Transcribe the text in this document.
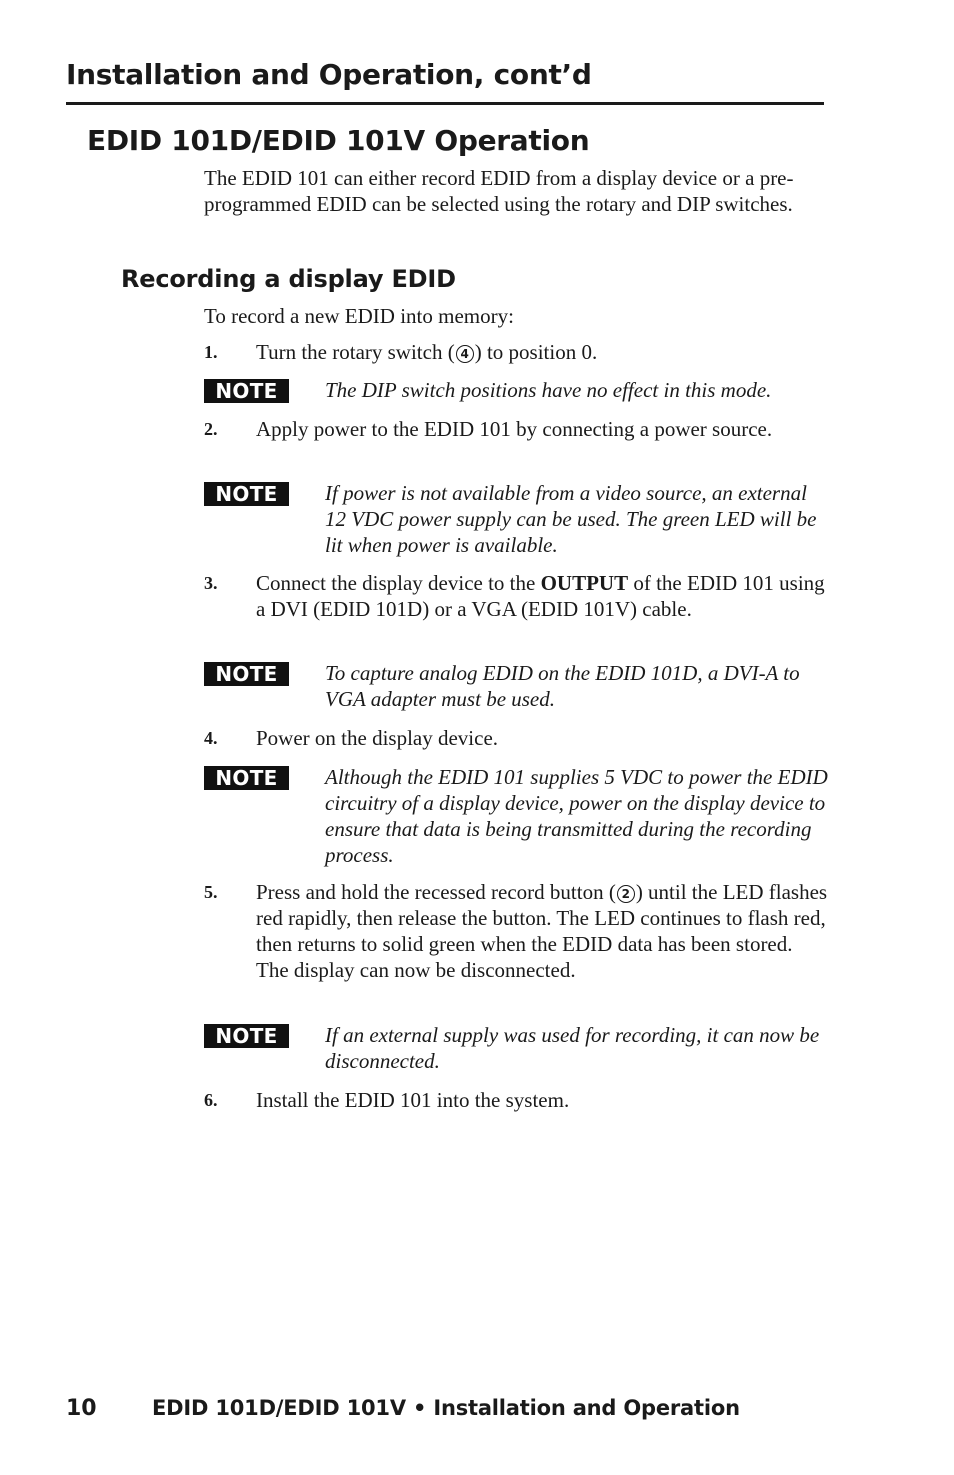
Installation and Operation, cont’d
EDID 101D/EDID 101V Operation

The EDID 101 can either record EDID from a display device or a pre-programmed EDID can be selected using the rotary and DIP switches.

Recording a display EDID
To record a new EDID into memory:
1. Turn the rotary switch ( 4 ) to position 0.
NOTE	The DIP switch positions have no effect in this mode.
2. Apply power to the EDID 101 by connecting a power source.
NOTE	If power is not available from a video source, an external 12 VDC power supply can be used. The green LED will be lit when power is available.
3. Connect the display device to the OUTPUT of the EDID 101 using a DVI (EDID 101D) or a VGA (EDID 101V) cable.
NOTE	To capture analog EDID on the EDID 101D, a DVI-A to VGA adapter must be used.
4. Power on the display device.
NOTE	Although the EDID 101 supplies 5 VDC to power the EDID circuitry of a display device, power on the display device to ensure that data is being transmitted during the recording process.
5. Press and hold the recessed record button ( 2 ) until the LED flashes red rapidly, then release the button. The LED continues to flash red, then returns to solid green when the EDID data has been stored. The display can now be disconnected.
NOTE	If an external supply was used for recording, it can now be disconnected.
6. Install the EDID 101 into the system.
10	EDID 101D/EDID 101V • Installation and Operation
